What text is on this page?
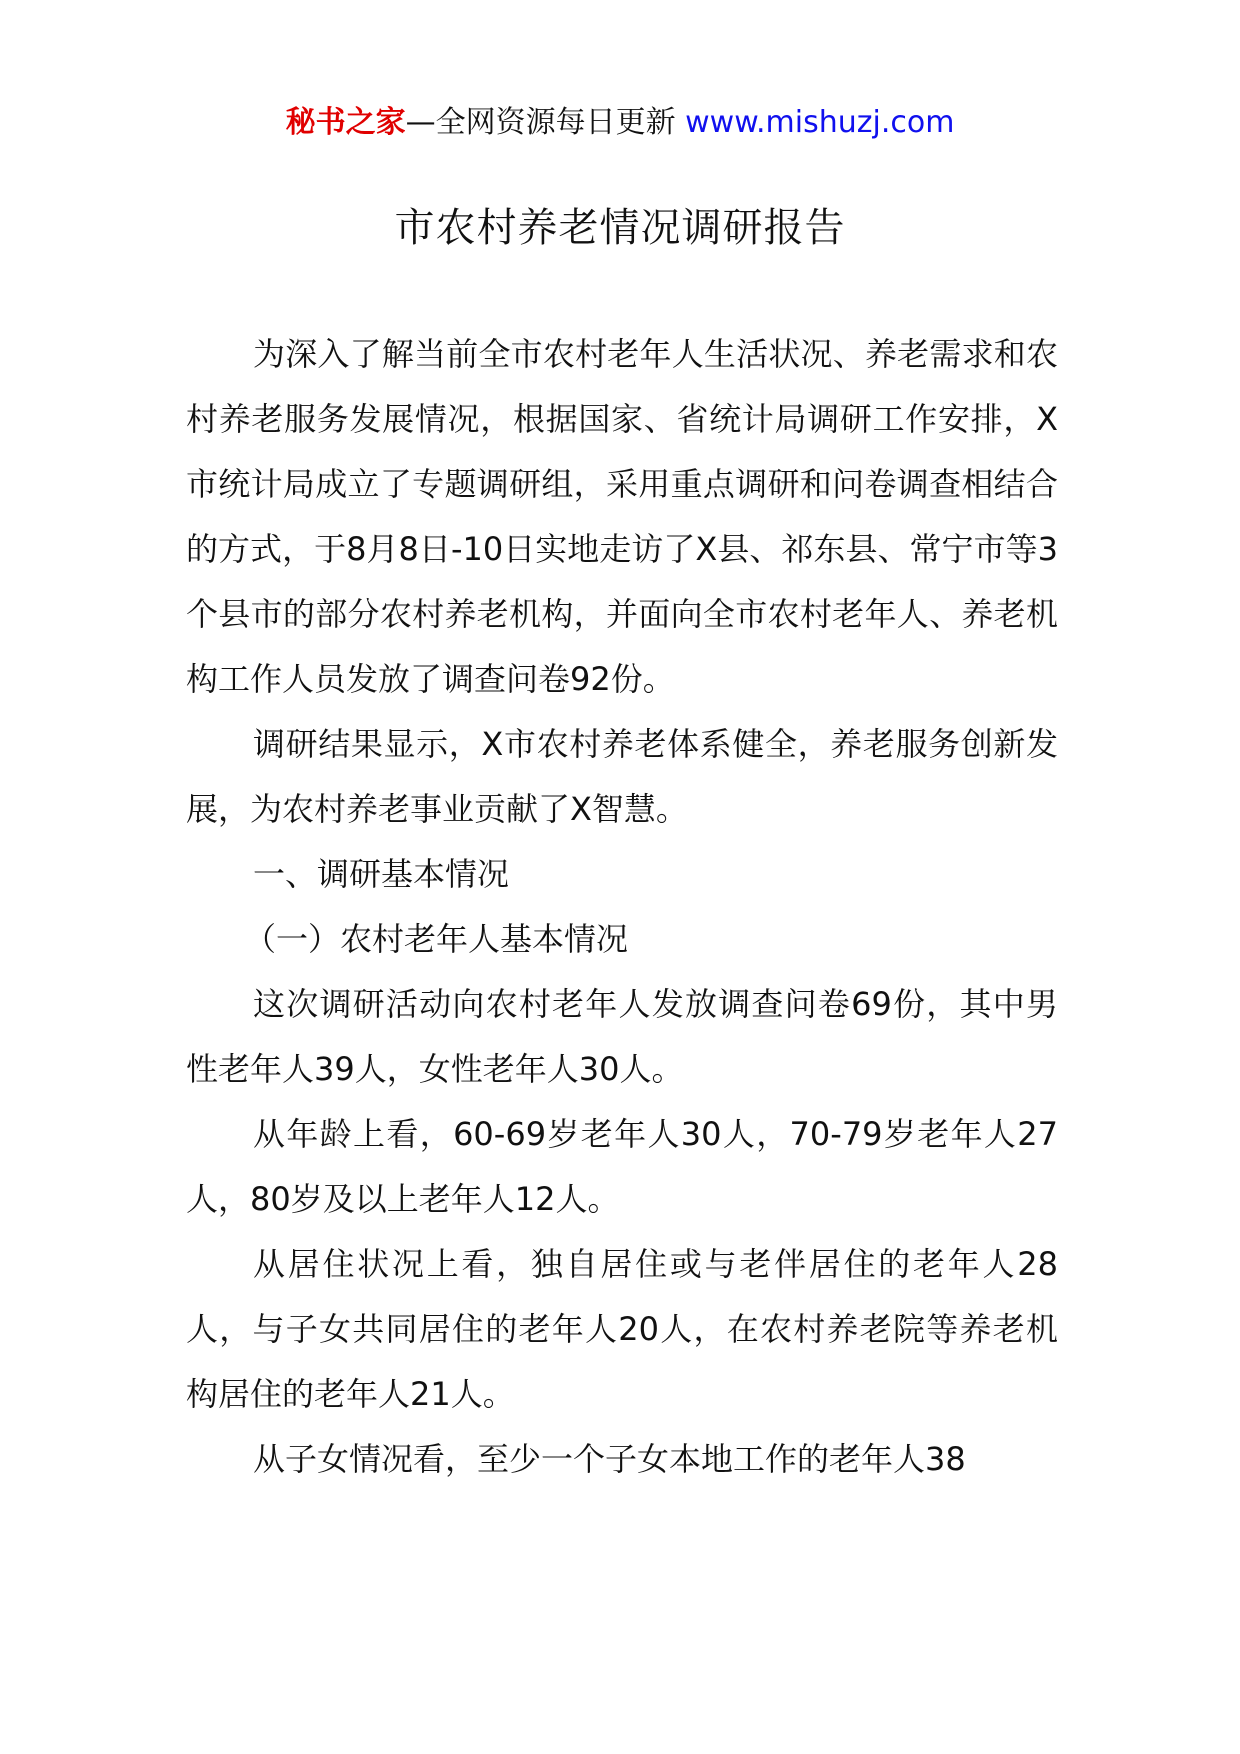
秘书之家—全网资源每日更新 www.mishuzj.com
市农村养老情况调研报告

为深入了解当前全市农村老年人生活状况、养老需求和农村养老服务发展情况，根据国家、省统计局调研工作安排，X市统计局成立了专题调研组，采用重点调研和问卷调查相结合的方式，于8月8日-10日实地走访了X县、祁东县、常宁市等3个县市的部分农村养老机构，并面向全市农村老年人、养老机构工作人员发放了调查问卷92份。

调研结果显示，X市农村养老体系健全，养老服务创新发展，为农村养老事业贡献了X智慧。

一、调研基本情况

（一）农村老年人基本情况

这次调研活动向农村老年人发放调查问卷69份，其中男性老年人39人，女性老年人30人。

从年龄上看，60-69岁老年人30人，70-79岁老年人27人，80岁及以上老年人12人。

从居住状况上看，独自居住或与老伴居住的老年人28人，与子女共同居住的老年人20人，在农村养老院等养老机构居住的老年人21人。

从子女情况看，至少一个子女本地工作的老年人38
